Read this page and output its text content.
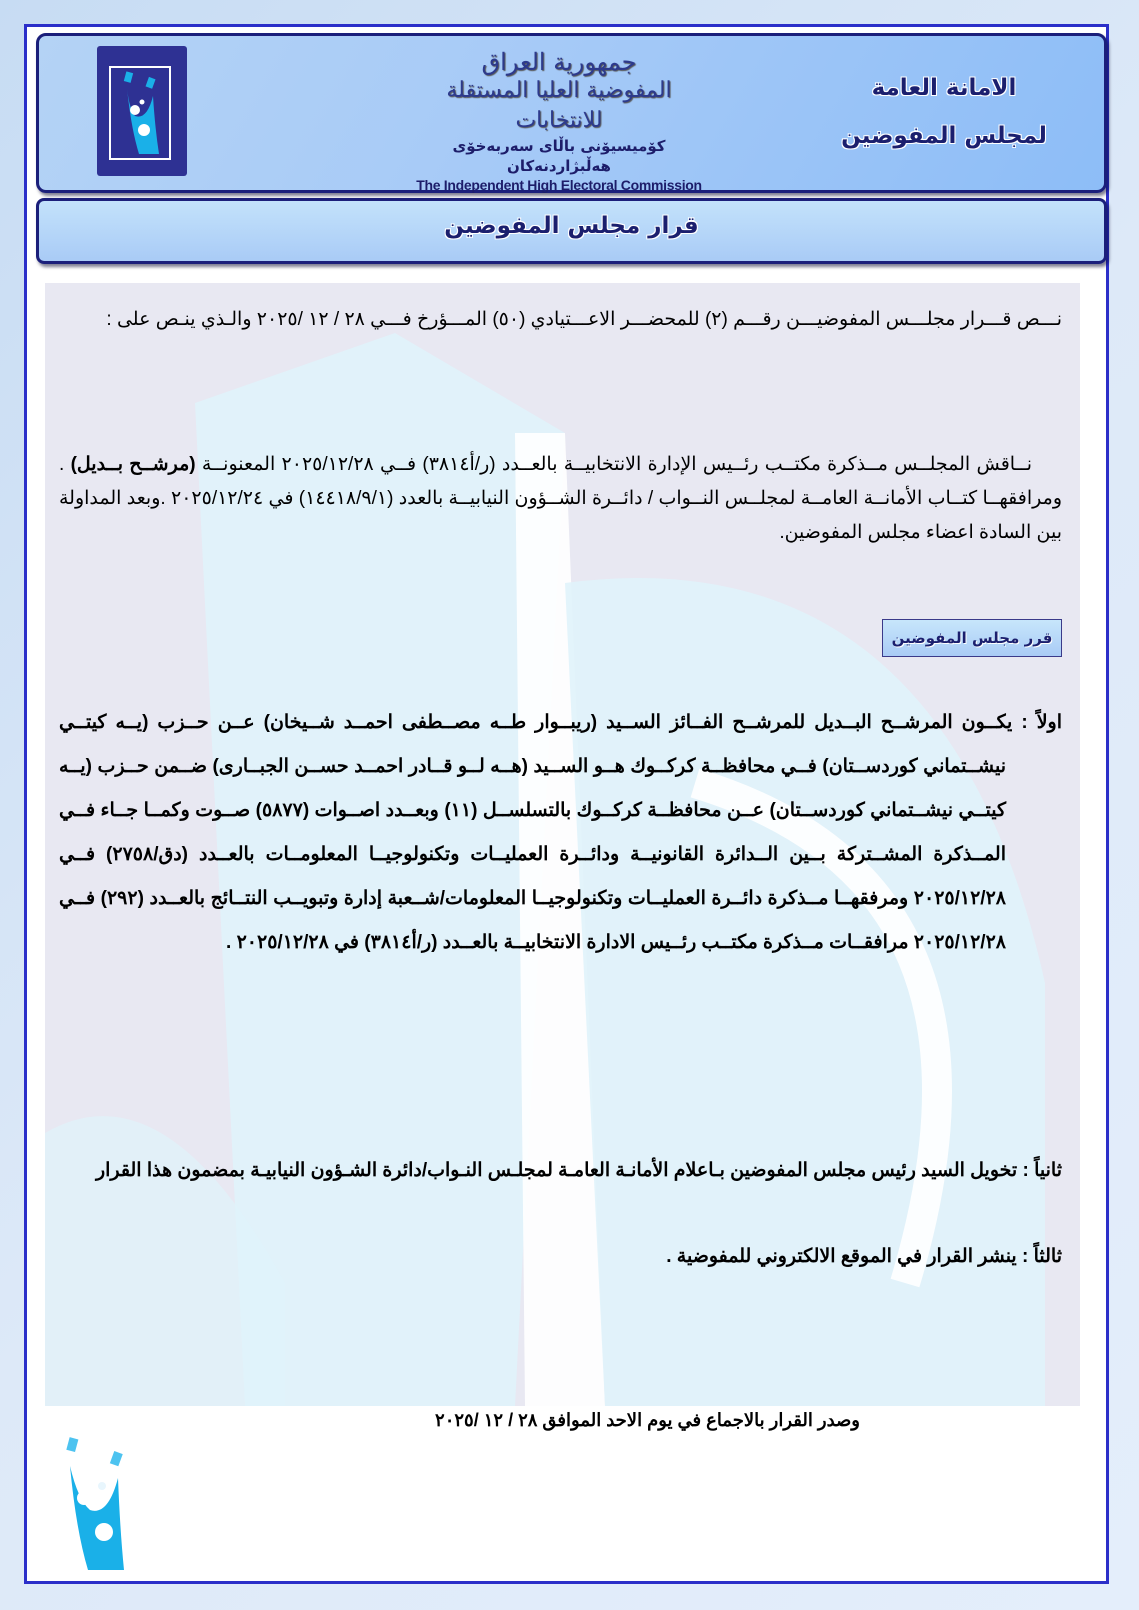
جمهورية العراق
المفوضية العليا المستقلة للانتخابات
كۆمیسیۆنی باڵای سەربەخۆی هەڵبژاردنەکان
The Independent High Electoral Commission
الامانة العامة
لمجلس المفوضين
قرار مجلس المفوضين
نـــص قـــرار مجلـــس المفوضيـــن رقـــم (٢) للمحضـــر الاعـــتيادي (٥٠) المـــؤرخ فـــي ٢٨ / ١٢ /٢٠٢٥ والـذي ينـص على :
نــاقش المجلــس مــذكرة مكتــب رئــيس الإدارة الانتخابيــة بالعــدد (ر/أ٣٨١٤) فــي ٢٠٢٥/١٢/٢٨ المعنونــة (مرشــح بــديل) . ومرافقهــا كتــاب الأمانــة العامــة لمجلــس النــواب / دائــرة الشــؤون النيابيــة بالعدد (١٤٤١٨/٩/١) في ٢٠٢٥/١٢/٢٤ .وبعد المداولة بين السادة اعضاء مجلس المفوضين.
قرر مجلس المفوضين
اولاً : يكــون المرشــح البــديل للمرشــح الفــائز الســيد (ريبــوار طــه مصــطفى احمــد شــيخان) عــن حــزب (يــه كيتــي نيشــتماني كوردســتان) فــي محافظــة كركــوك هــو الســيد (هــه لــو قــادر احمــد حســن الجبــارى) ضــمن حــزب (يــه كيتــي نيشــتماني كوردســتان) عــن محافظــة كركــوك بالتسلســل (١١) وبعــدد اصــوات (٥٨٧٧) صــوت وكمــا جــاء فــي المــذكرة المشــتركة بــين الــدائرة القانونيــة ودائــرة العمليــات وتكنولوجيــا المعلومــات بالعــدد (دق/٢٧٥٨) فــي ٢٠٢٥/١٢/٢٨ ومرفقهــا مــذكرة دائــرة العمليــات وتكنولوجيــا المعلومات/شــعبة إدارة وتبويــب النتــائج بالعــدد (٢٩٢) فــي ٢٠٢٥/١٢/٢٨ مرافقــات مــذكرة مكتــب رئــيس الادارة الانتخابيــة بالعــدد (ر/أ٣٨١٤) في ٢٠٢٥/١٢/٢٨ .
ثانياً : تخويل السيد رئيس مجلس المفوضين بـاعلام الأمانـة العامـة لمجلـس النـواب/دائرة الشـؤون النيابيـة بمضمون هذا القرار
ثالثاً : ينشر القرار في الموقع الالكتروني للمفوضية .
وصدر القرار بالاجماع في يوم الاحد الموافق ٢٨ / ١٢ /٢٠٢٥
